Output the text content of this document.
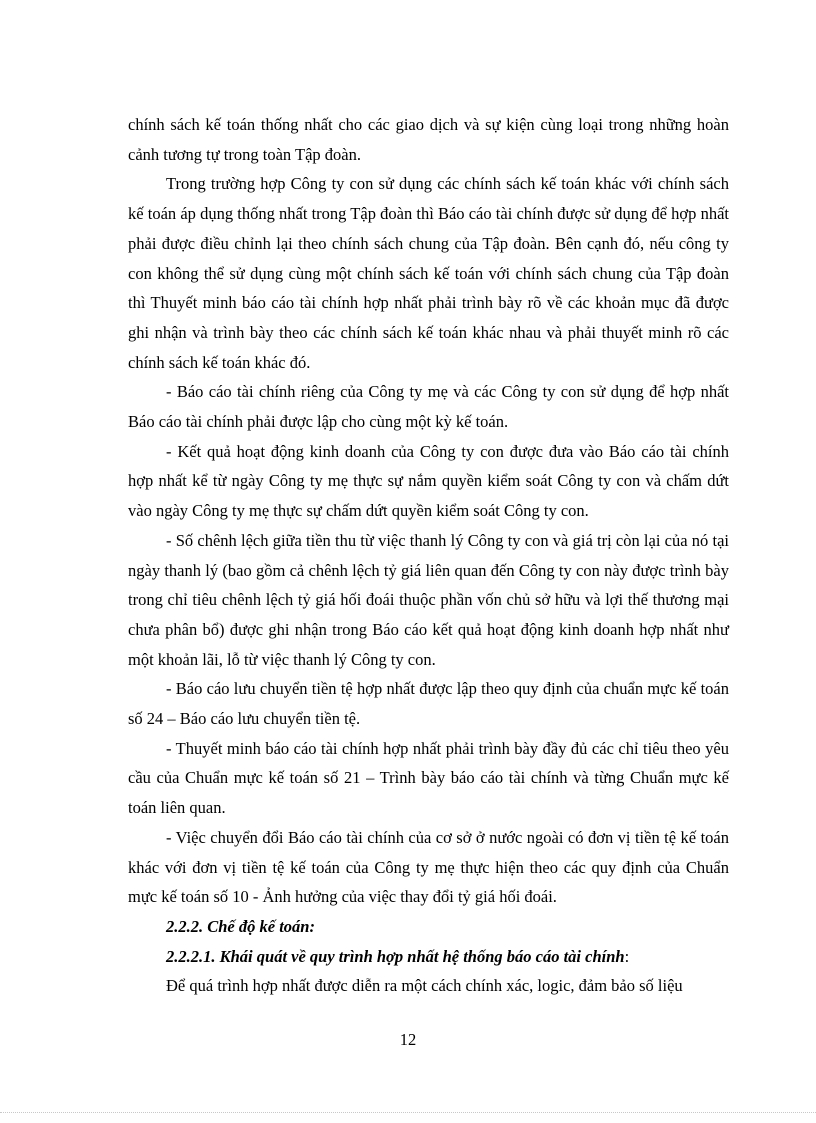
chính sách kế toán thống nhất cho các giao dịch và sự kiện cùng loại trong những hoàn cảnh tương tự trong toàn Tập đoàn.

Trong trường hợp Công ty con sử dụng các chính sách kế toán khác với chính sách kế toán áp dụng thống nhất trong Tập đoàn thì Báo cáo tài chính được sử dụng để hợp nhất phải được điều chỉnh lại theo chính sách chung của Tập đoàn. Bên cạnh đó, nếu công ty con không thể sử dụng cùng một chính sách kế toán với chính sách chung của Tập đoàn thì Thuyết minh báo cáo tài chính hợp nhất phải trình bày rõ về các khoản mục đã được ghi nhận và trình bày theo các chính sách kế toán khác nhau và phải thuyết minh rõ các chính sách kế toán khác đó.

- Báo cáo tài chính riêng của Công ty mẹ và các Công ty con sử dụng để hợp nhất Báo cáo tài chính phải được lập cho cùng một kỳ kế toán.

- Kết quả hoạt động kinh doanh của Công ty con được đưa vào Báo cáo tài chính hợp nhất kể từ ngày Công ty mẹ thực sự nắm quyền kiểm soát Công ty con và chấm dứt vào ngày Công ty mẹ thực sự chấm dứt quyền kiểm soát Công ty con.

- Số chênh lệch giữa tiền thu từ việc thanh lý Công ty con và giá trị còn lại của nó tại ngày thanh lý (bao gồm cả chênh lệch tỷ giá liên quan đến Công ty con này được trình bày trong chỉ tiêu chênh lệch tỷ giá hối đoái thuộc phần vốn chủ sở hữu và lợi thế thương mại chưa phân bổ) được ghi nhận trong Báo cáo kết quả hoạt động kinh doanh hợp nhất như một khoản lãi, lỗ từ việc thanh lý Công ty con.

- Báo cáo lưu chuyển tiền tệ hợp nhất được lập theo quy định của chuẩn mực kế toán số 24 – Báo cáo lưu chuyển tiền tệ.

- Thuyết minh báo cáo tài chính hợp nhất phải trình bày đầy đủ các chỉ tiêu theo yêu cầu của Chuẩn mực kế toán số 21 – Trình bày báo cáo tài chính và từng Chuẩn mực kế toán liên quan.

- Việc chuyển đổi Báo cáo tài chính của cơ sở ở nước ngoài có đơn vị tiền tệ kế toán khác với đơn vị tiền tệ kế toán của Công ty mẹ thực hiện theo các quy định của Chuẩn mực kế toán số 10 - Ảnh hưởng của việc thay đổi tỷ giá hối đoái.

2.2.2. Chế độ kế toán:

2.2.2.1. Khái quát về quy trình hợp nhất hệ thống báo cáo tài chính:

Để quá trình hợp nhất được diễn ra một cách chính xác, logic, đảm bảo số liệu

12
